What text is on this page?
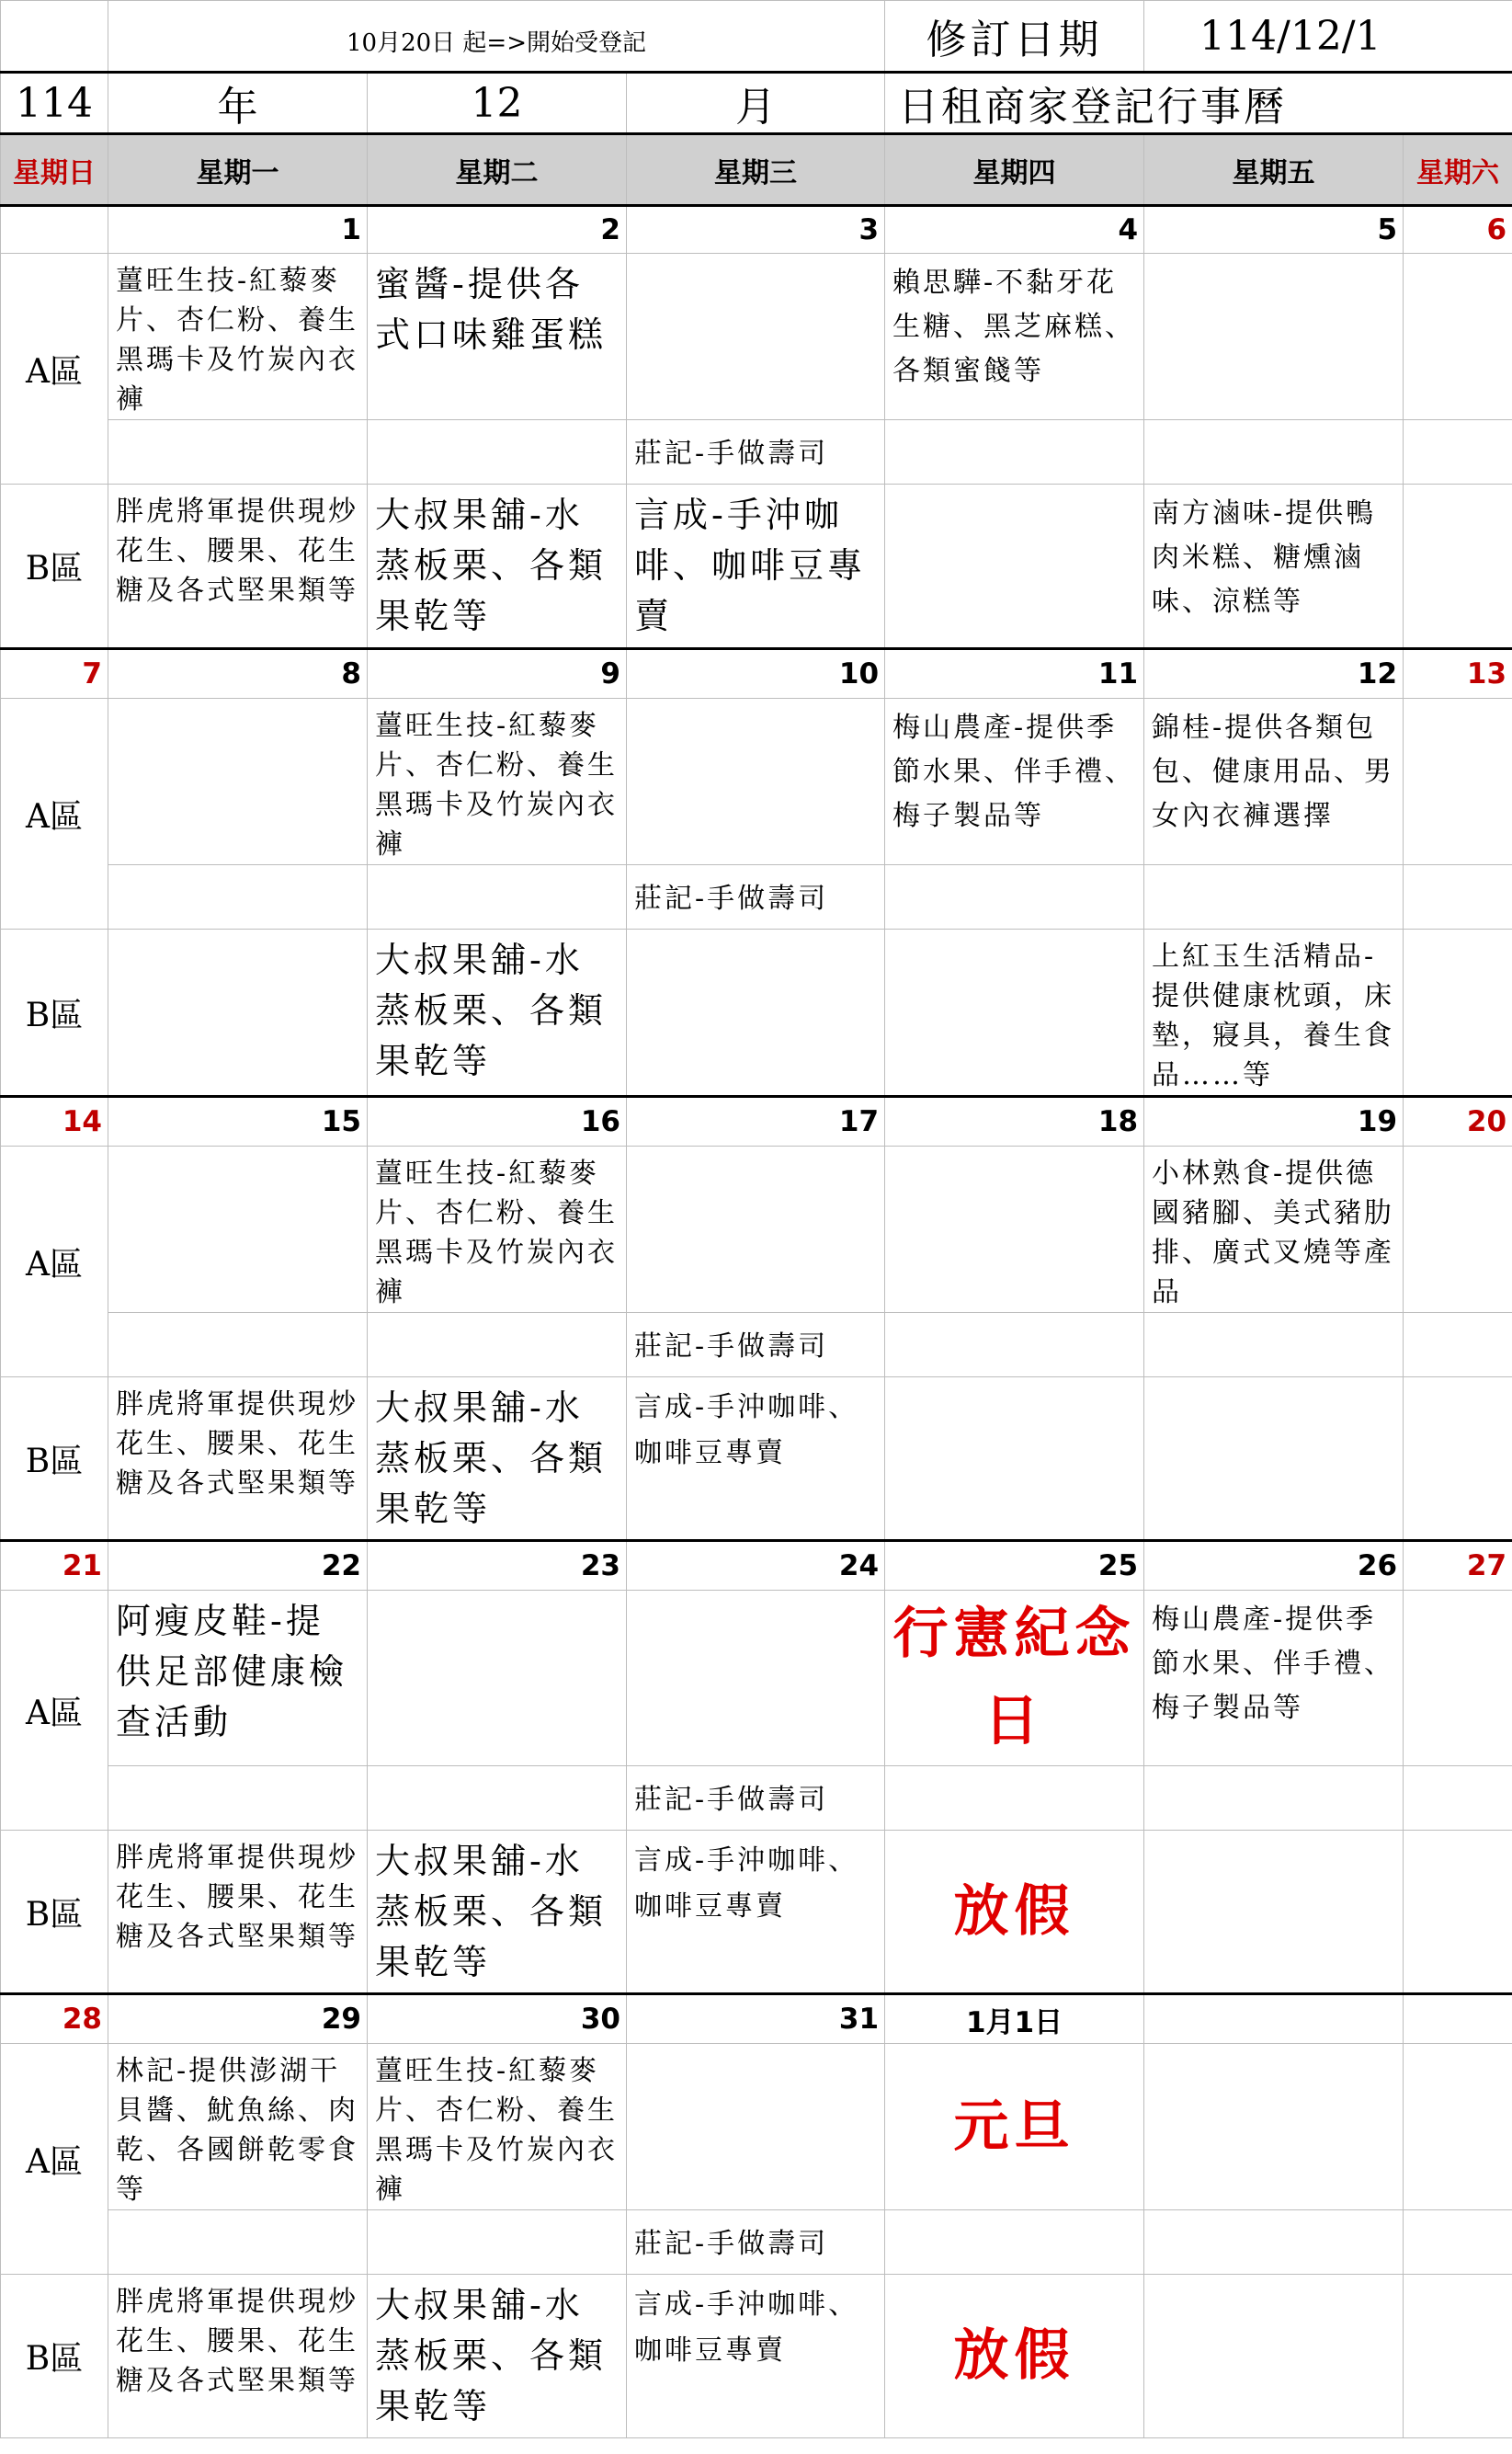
	10月20日 起=>開始受登記			修訂日期	114/12/1	
114	年	12	月	日租商家登記行事曆		
星期日	星期一	星期二	星期三	星期四	星期五	星期六
	1	2	3	4	5	6
A區	薑旺生技-紅藜麥片、杏仁粉、養生黑瑪卡及竹炭內衣褲	蜜醬-提供各式口味雞蛋糕		賴思驊-不黏牙花生糖、黑芝麻糕、各類蜜餞等		
			莊記-手做壽司			
B區	胖虎將軍提供現炒花生、腰果、花生糖及各式堅果類等	大叔果舖-水蒸板栗、各類果乾等	言成-手沖咖啡、咖啡豆專賣		南方滷味-提供鴨肉米糕、糖燻滷味、涼糕等	
7	8	9	10	11	12	13
A區		薑旺生技-紅藜麥片、杏仁粉、養生黑瑪卡及竹炭內衣褲		梅山農產-提供季節水果、伴手禮、梅子製品等	錦桂-提供各類包包、健康用品、男女內衣褲選擇	
			莊記-手做壽司			
B區		大叔果舖-水蒸板栗、各類果乾等			上紅玉生活精品-提供健康枕頭，床墊，寢具，養生食品……等	
14	15	16	17	18	19	20
A區		薑旺生技-紅藜麥片、杏仁粉、養生黑瑪卡及竹炭內衣褲			小林熟食-提供德國豬腳、美式豬肋排、廣式叉燒等產品	
			莊記-手做壽司			
B區	胖虎將軍提供現炒花生、腰果、花生糖及各式堅果類等	大叔果舖-水蒸板栗、各類果乾等	言成-手沖咖啡、咖啡豆專賣			
21	22	23	24	25	26	27
A區	阿瘦皮鞋-提供足部健康檢查活動			行憲紀念日	梅山農產-提供季節水果、伴手禮、梅子製品等	
			莊記-手做壽司			
B區	胖虎將軍提供現炒花生、腰果、花生糖及各式堅果類等	大叔果舖-水蒸板栗、各類果乾等	言成-手沖咖啡、咖啡豆專賣	放假		
28	29	30	31	1月1日		
A區	林記-提供澎湖干貝醬、魷魚絲、肉乾、各國餅乾零食等	薑旺生技-紅藜麥片、杏仁粉、養生黑瑪卡及竹炭內衣褲		元旦		
			莊記-手做壽司			
B區	胖虎將軍提供現炒花生、腰果、花生糖及各式堅果類等	大叔果舖-水蒸板栗、各類果乾等	言成-手沖咖啡、咖啡豆專賣	放假		
